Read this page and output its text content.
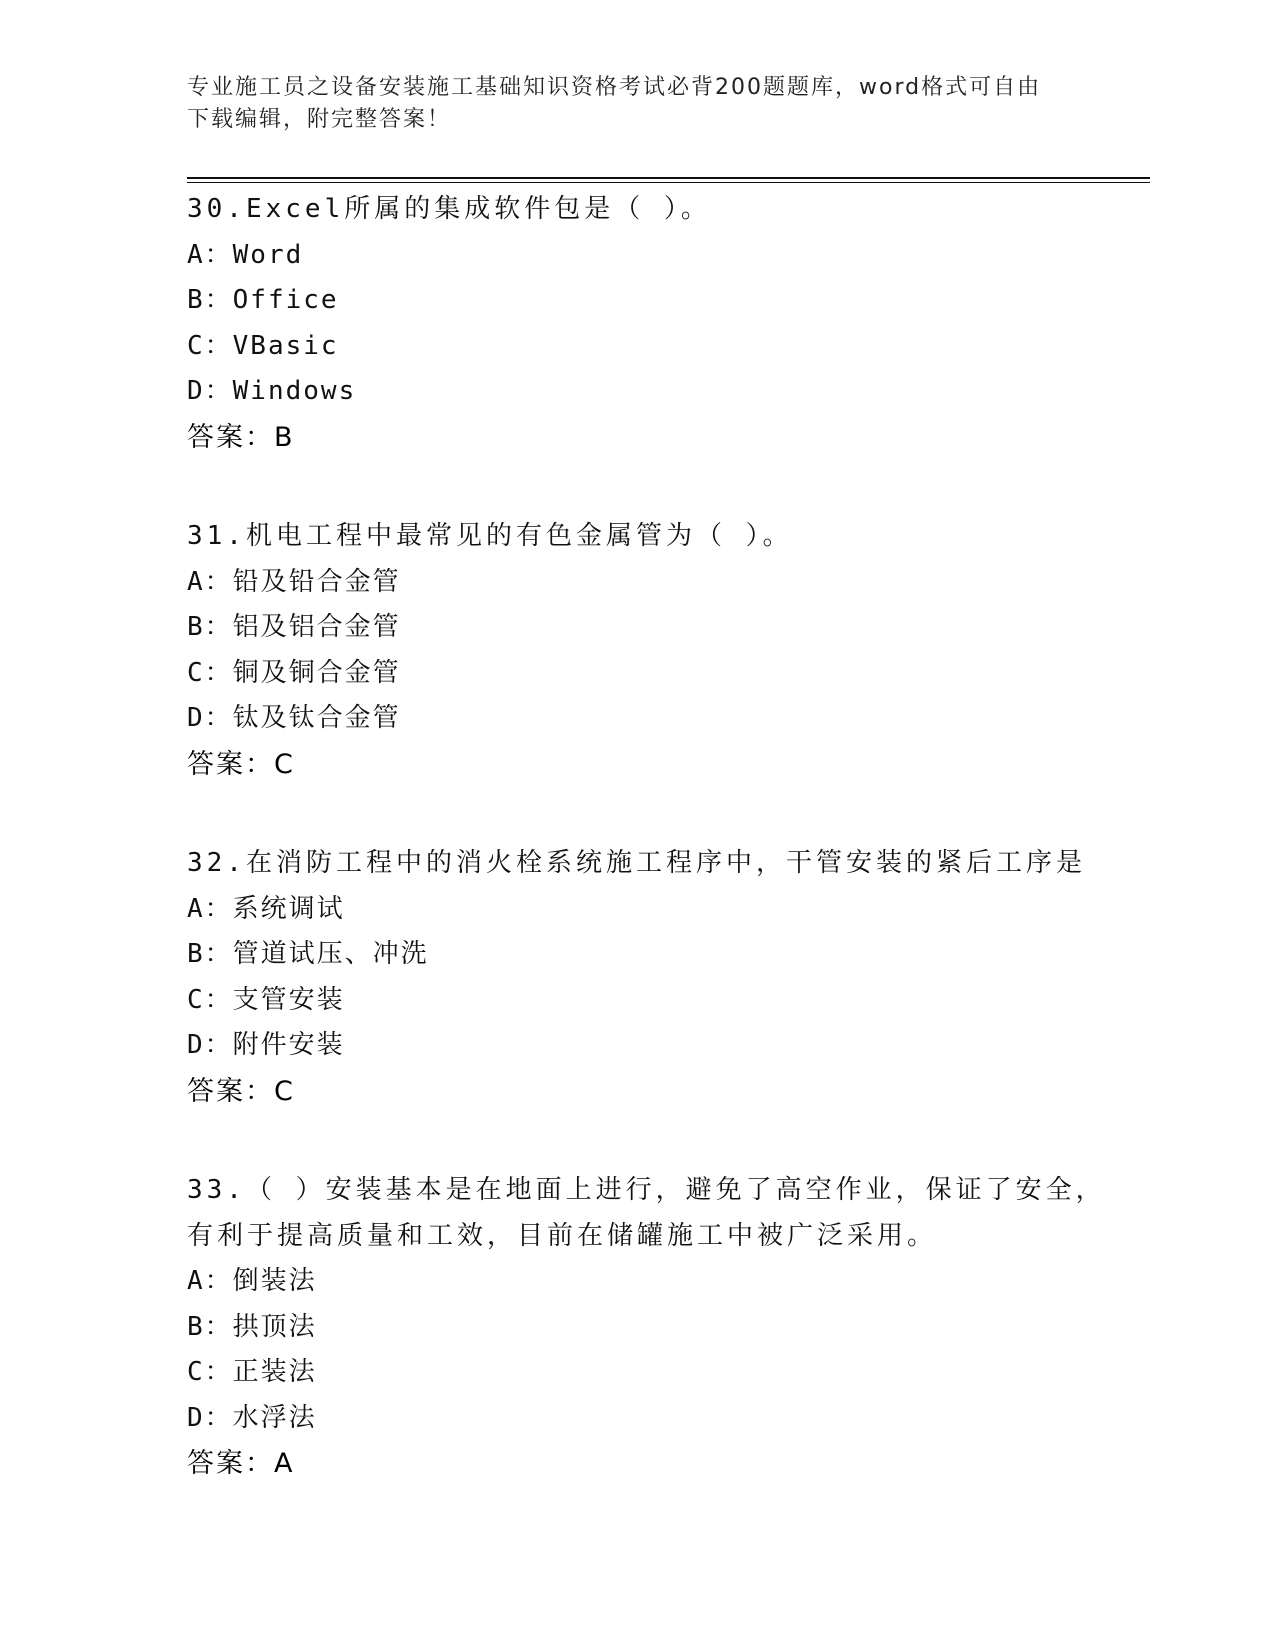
专业施工员之设备安装施工基础知识资格考试必背200题题库，word格式可自由
下载编辑，附完整答案！
30.Excel所属的集成软件包是（ ）。
A：Word
B：Office
C：VBasic
D：Windows
答案：B
31.机电工程中最常见的有色金属管为（ ）。
A：铅及铅合金管
B：铝及铝合金管
C：铜及铜合金管
D：钛及钛合金管
答案：C
32.在消防工程中的消火栓系统施工程序中，干管安装的紧后工序是
A：系统调试
B：管道试压、冲洗
C：支管安装
D：附件安装
答案：C
33.（ ）安装基本是在地面上进行，避免了高空作业，保证了安全，有利于提高质量和工效，目前在储罐施工中被广泛采用。
A：倒装法
B：拱顶法
C：正装法
D：水浮法
答案：A
